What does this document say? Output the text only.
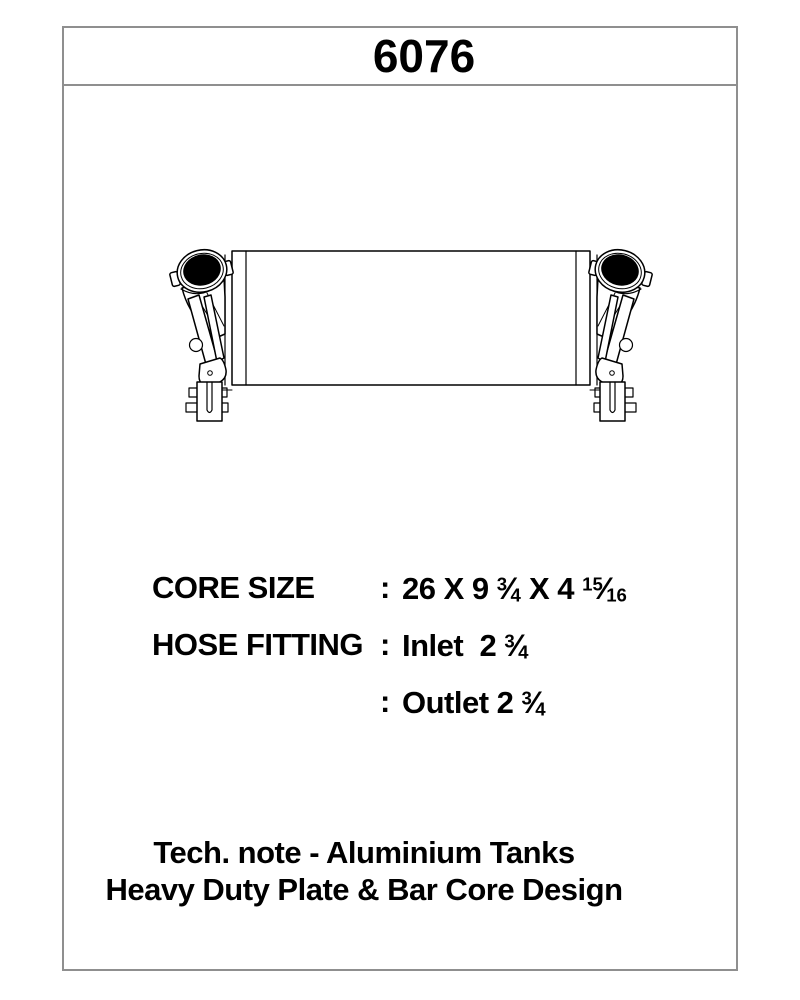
6076

CORE SIZE

:

26 X 9 $^3$⁄4 X 4 $^{15}$⁄16

HOSE FITTING

:

Inlet  2 $^3$⁄4

:

Outlet 2 $^3$⁄4

Tech. note - Aluminium Tanks
Heavy Duty Plate & Bar Core Design
